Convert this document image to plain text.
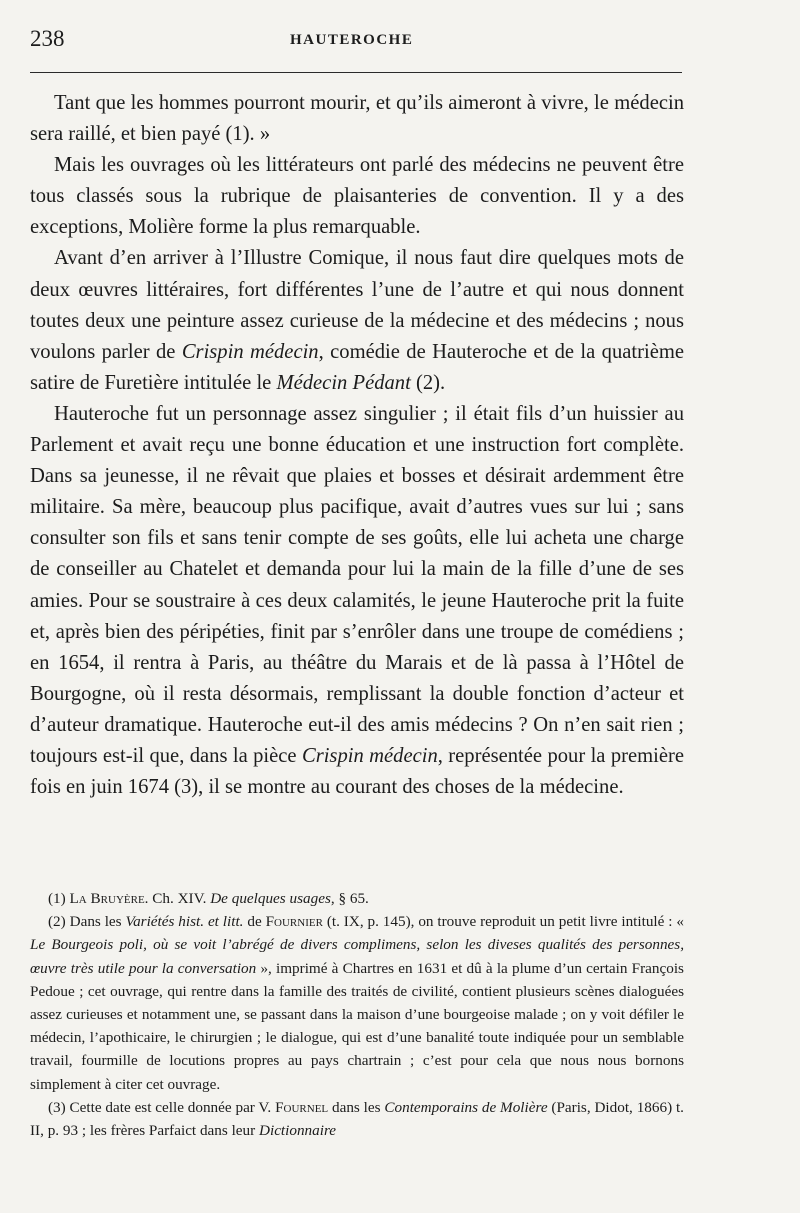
238	HAUTEROCHE

Tant que les hommes pourront mourir, et qu’ils aimeront à vivre, le médecin sera raillé, et bien payé (1). »

Mais les ouvrages où les littérateurs ont parlé des médecins ne peuvent être tous classés sous la rubrique de plaisanteries de convention. Il y a des exceptions, Molière forme la plus remarquable.

Avant d’en arriver à l’Illustre Comique, il nous faut dire quelques mots de deux œuvres littéraires, fort différentes l’une de l’autre et qui nous donnent toutes deux une peinture assez curieuse de la médecine et des médecins ; nous voulons parler de Crispin médecin, comédie de Hauteroche et de la quatrième satire de Furetière intitulée le Médecin Pédant (2).

Hauteroche fut un personnage assez singulier ; il était fils d’un huissier au Parlement et avait reçu une bonne éducation et une instruction fort complète. Dans sa jeunesse, il ne rêvait que plaies et bosses et désirait ardemment être militaire. Sa mère, beaucoup plus pacifique, avait d’autres vues sur lui ; sans consulter son fils et sans tenir compte de ses goûts, elle lui acheta une charge de conseiller au Chatelet et demanda pour lui la main de la fille d’une de ses amies. Pour se soustraire à ces deux calamités, le jeune Hauteroche prit la fuite et, après bien des péripéties, finit par s’enrôler dans une troupe de comédiens ; en 1654, il rentra à Paris, au théâtre du Marais et de là passa à l’Hôtel de Bourgogne, où il resta désormais, remplissant la double fonction d’acteur et d’auteur dramatique. Hauteroche eut-il des amis médecins ? On n’en sait rien ; toujours est-il que, dans la pièce Crispin médecin, représentée pour la première fois en juin 1674 (3), il se montre au courant des choses de la médecine.

(1) La Bruyère. Ch. XIV. De quelques usages, § 65.

(2) Dans les Variétés hist. et litt. de Fournier (t. IX, p. 145), on trouve reproduit un petit livre intitulé : « Le Bourgeois poli, où se voit l’abrégé de divers complimens, selon les diveses qualités des personnes, œuvre très utile pour la conversation », imprimé à Chartres en 1631 et dû à la plume d’un certain François Pedoue ; cet ouvrage, qui rentre dans la famille des traités de civilité, contient plusieurs scènes dialoguées assez curieuses et notamment une, se passant dans la maison d’une bourgeoise malade ; on y voit défiler le médecin, l’apothicaire, le chirurgien ; le dialogue, qui est d’une banalité toute indiquée pour un semblable travail, fourmille de locutions propres au pays chartrain ; c’est pour cela que nous nous bornons simplement à citer cet ouvrage.

(3) Cette date est celle donnée par V. Fournel dans les Contemporains de Molière (Paris, Didot, 1866) t. II, p. 93 ; les frères Parfaict dans leur Dictionnaire
